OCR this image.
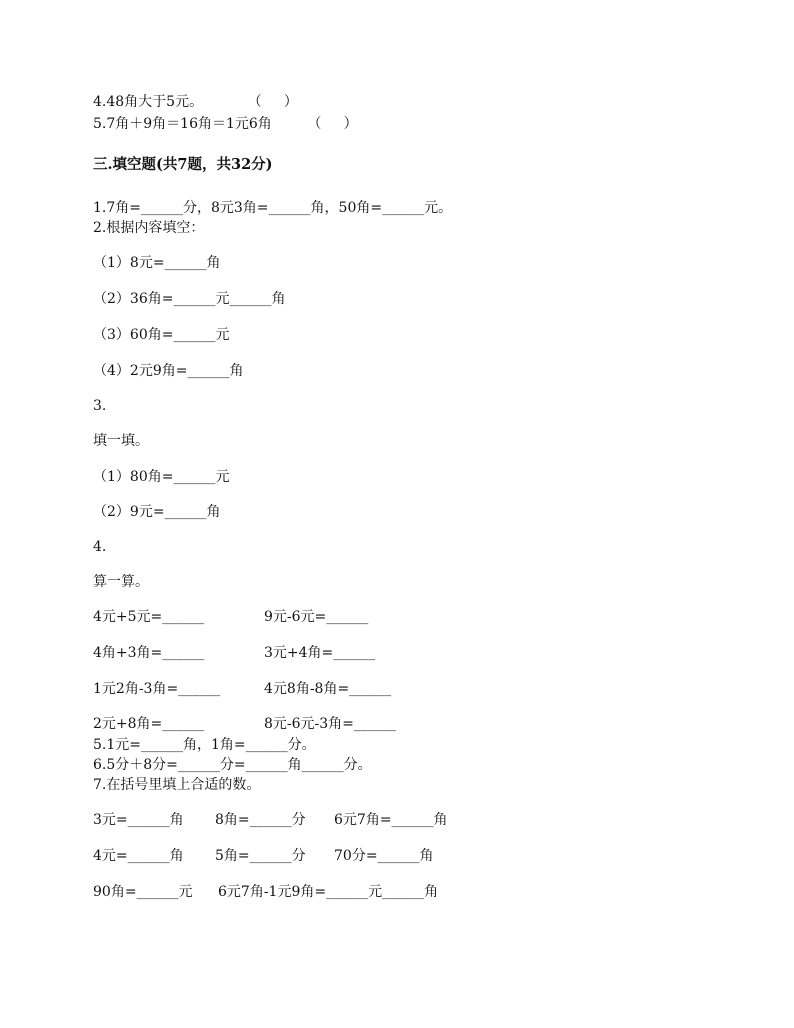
4.48角大于5元。          （     ）
5.7角＋9角＝16角＝1元6角        （     ）
三.填空题(共7题，共32分)
1.7角=______分，8元3角=______角，50角=______元。
2.根据内容填空：
（1）8元=______角
（2）36角=______元______角
（3）60角=______元
（4）2元9角=______角
3.
填一填。
（1）80角=______元
（2）9元=______角
4.
算一算。
4元+5元=______	9元-6元=______
4角+3角=______	3元+4角=______
1元2角-3角=______	4元8角-8角=______
2元+8角=______	8元-6元-3角=______
5.1元=______角，1角=______分。
6.5分＋8分=______分=______角______分。
7.在括号里填上合适的数。
3元=______角 8角=______分 6元7角=______角
4元=______角 5角=______分 70分=______角
90角=______元 6元7角-1元9角=______元______角
